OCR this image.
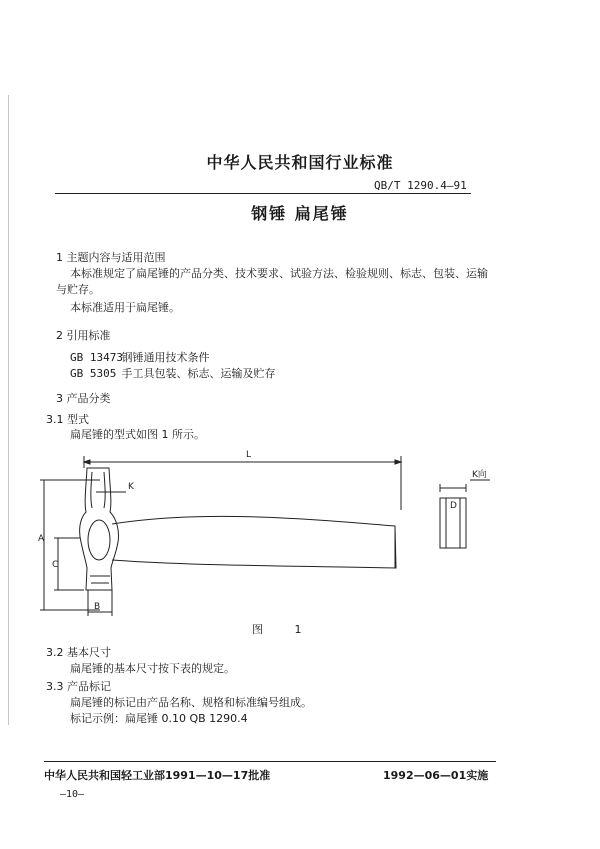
中华人民共和国行业标准
QB/T 1290.4—91
钢锤 扁尾锤
1 主题内容与适用范围
本标准规定了扁尾锤的产品分类、技术要求、试验方法、检验规则、标志、包装、运输
与贮存。
本标准适用于扁尾锤。
2 引用标准
GB 13473 钢锤通用技术条件
GB 5305 手工具包装、标志、运输及贮存
3 产品分类
3.1 型式
扁尾锤的型式如图 1 所示。
L
K
K向
A
C
B
D
图 1
3.2 基本尺寸
扁尾锤的基本尺寸按下表的规定。
3.3 产品标记
扁尾锤的标记由产品名称、规格和标准编号组成。
标记示例：扁尾锤 0.10 QB 1290.4
中华人民共和国轻工业部1991—10—17批准	1992—06—01实施
—10—
